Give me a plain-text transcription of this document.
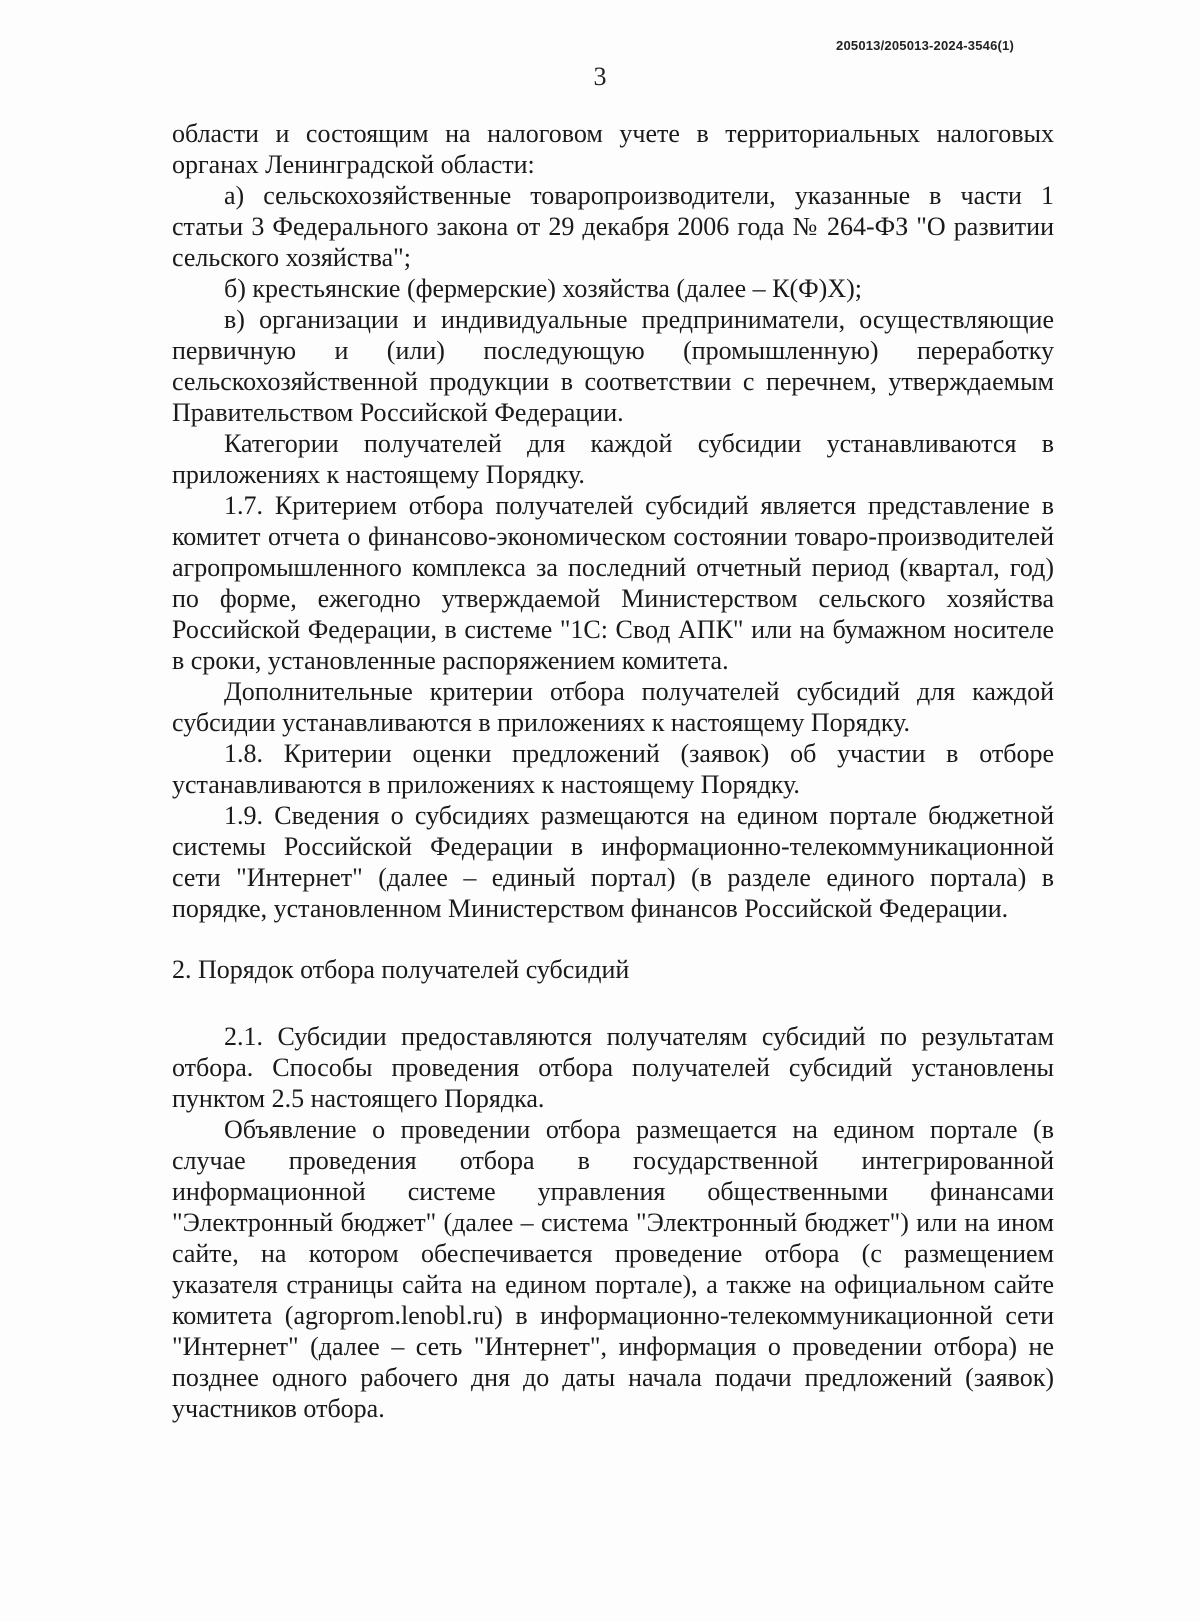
205013/205013-2024-3546(1)
3

области и состоящим на налоговом учете в территориальных налоговых органах Ленинградской области:

а) сельскохозяйственные товаропроизводители, указанные в части 1 статьи 3 Федерального закона от 29 декабря 2006 года № 264-ФЗ "О развитии сельского хозяйства";

б) крестьянские (фермерские) хозяйства (далее – К(Ф)Х);

в) организации и индивидуальные предприниматели, осуществляющие первичную и (или) последующую (промышленную) переработку сельскохозяйственной продукции в соответствии с перечнем, утверждаемым Правительством Российской Федерации.

Категории получателей для каждой субсидии устанавливаются в приложениях к настоящему Порядку.

1.7. Критерием отбора получателей субсидий является представление в комитет отчета о финансово-экономическом состоянии товаро-производителей агропромышленного комплекса за последний отчетный период (квартал, год) по форме, ежегодно утверждаемой Министерством сельского хозяйства Российской Федерации, в системе "1С: Свод АПК" или на бумажном носителе в сроки, установленные распоряжением комитета.

Дополнительные критерии отбора получателей субсидий для каждой субсидии устанавливаются в приложениях к настоящему Порядку.

1.8. Критерии оценки предложений (заявок) об участии в отборе устанавливаются в приложениях к настоящему Порядку.

1.9. Сведения о субсидиях размещаются на едином портале бюджетной системы Российской Федерации в информационно-телекоммуникационной сети "Интернет" (далее – единый портал) (в разделе единого портала) в порядке, установленном Министерством финансов Российской Федерации.

2. Порядок отбора получателей субсидий

2.1. Субсидии предоставляются получателям субсидий по результатам отбора. Способы проведения отбора получателей субсидий установлены пунктом 2.5 настоящего Порядка.

Объявление о проведении отбора размещается на едином портале (в случае проведения отбора в государственной интегрированной информационной системе управления общественными финансами "Электронный бюджет" (далее – система "Электронный бюджет") или на ином сайте, на котором обеспечивается проведение отбора (с размещением указателя страницы сайта на едином портале), а также на официальном сайте комитета (agroprom.lenobl.ru) в информационно-телекоммуникационной сети "Интернет" (далее – сеть "Интернет", информация о проведении отбора) не позднее одного рабочего дня до даты начала подачи предложений (заявок) участников отбора.
